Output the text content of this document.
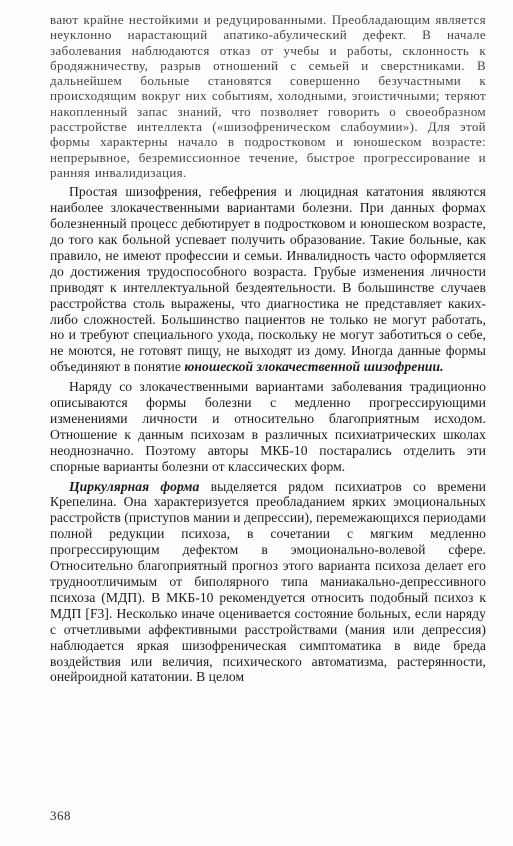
вают крайне нестойкими и редуцированными. Преобладающим является неуклонно нарастающий апатико-абулический дефект. В начале заболевания наблюдаются отказ от учебы и работы, склонность к бродяжничеству, разрыв отношений с семьей и сверстниками. В дальнейшем больные становятся совершенно безучастными к происходящим вокруг них событиям, холодными, эгоистичными; теряют накопленный запас знаний, что позволяет говорить о своеобразном расстройстве интеллекта («шизофреническом слабоумии»). Для этой формы характерны начало в подростковом и юношеском возрасте: непрерывное, безремиссионное течение, быстрое прогрессирование и ранняя инвалидизация.

Простая шизофрения, гебефрения и люцидная кататония являются наиболее злокачественными вариантами болезни. При данных формах болезненный процесс дебютирует в подростковом и юношеском возрасте, до того как больной успевает получить образование. Такие больные, как правило, не имеют профессии и семьи. Инвалидность часто оформляется до достижения трудоспособного возраста. Грубые изменения личности приводят к интеллектуальной бездеятельности. В большинстве случаев расстройства столь выражены, что диагностика не представляет каких-либо сложностей. Большинство пациентов не только не могут работать, но и требуют специального ухода, поскольку не могут заботиться о себе, не моются, не готовят пищу, не выходят из дому. Иногда данные формы объединяют в понятие юношеской злокачественной шизофрении.

Наряду со злокачественными вариантами заболевания традиционно описываются формы болезни с медленно прогрессирующими изменениями личности и относительно благоприятным исходом. Отношение к данным психозам в различных психиатрических школах неоднозначно. Поэтому авторы МКБ-10 постарались отделить эти спорные варианты болезни от классических форм.

Циркулярная форма выделяется рядом психиатров со времени Крепелина. Она характеризуется преобладанием ярких эмоциональных расстройств (приступов мании и депрессии), перемежающихся периодами полной редукции психоза, в сочетании с мягким медленно прогрессирующим дефектом в эмоционально-волевой сфере. Относительно благоприятный прогноз этого варианта психоза делает его трудноотличимым от биполярного типа маниакально-депрессивного психоза (МДП). В МКБ-10 рекомендуется относить подобный психоз к МДП [F3]. Несколько иначе оценивается состояние больных, если наряду с отчетливыми аффективными расстройствами (мания или депрессия) наблюдается яркая шизофреническая симптоматика в виде бреда воздействия или величия, психического автоматизма, растерянности, онейроидной кататонии. В целом

368
